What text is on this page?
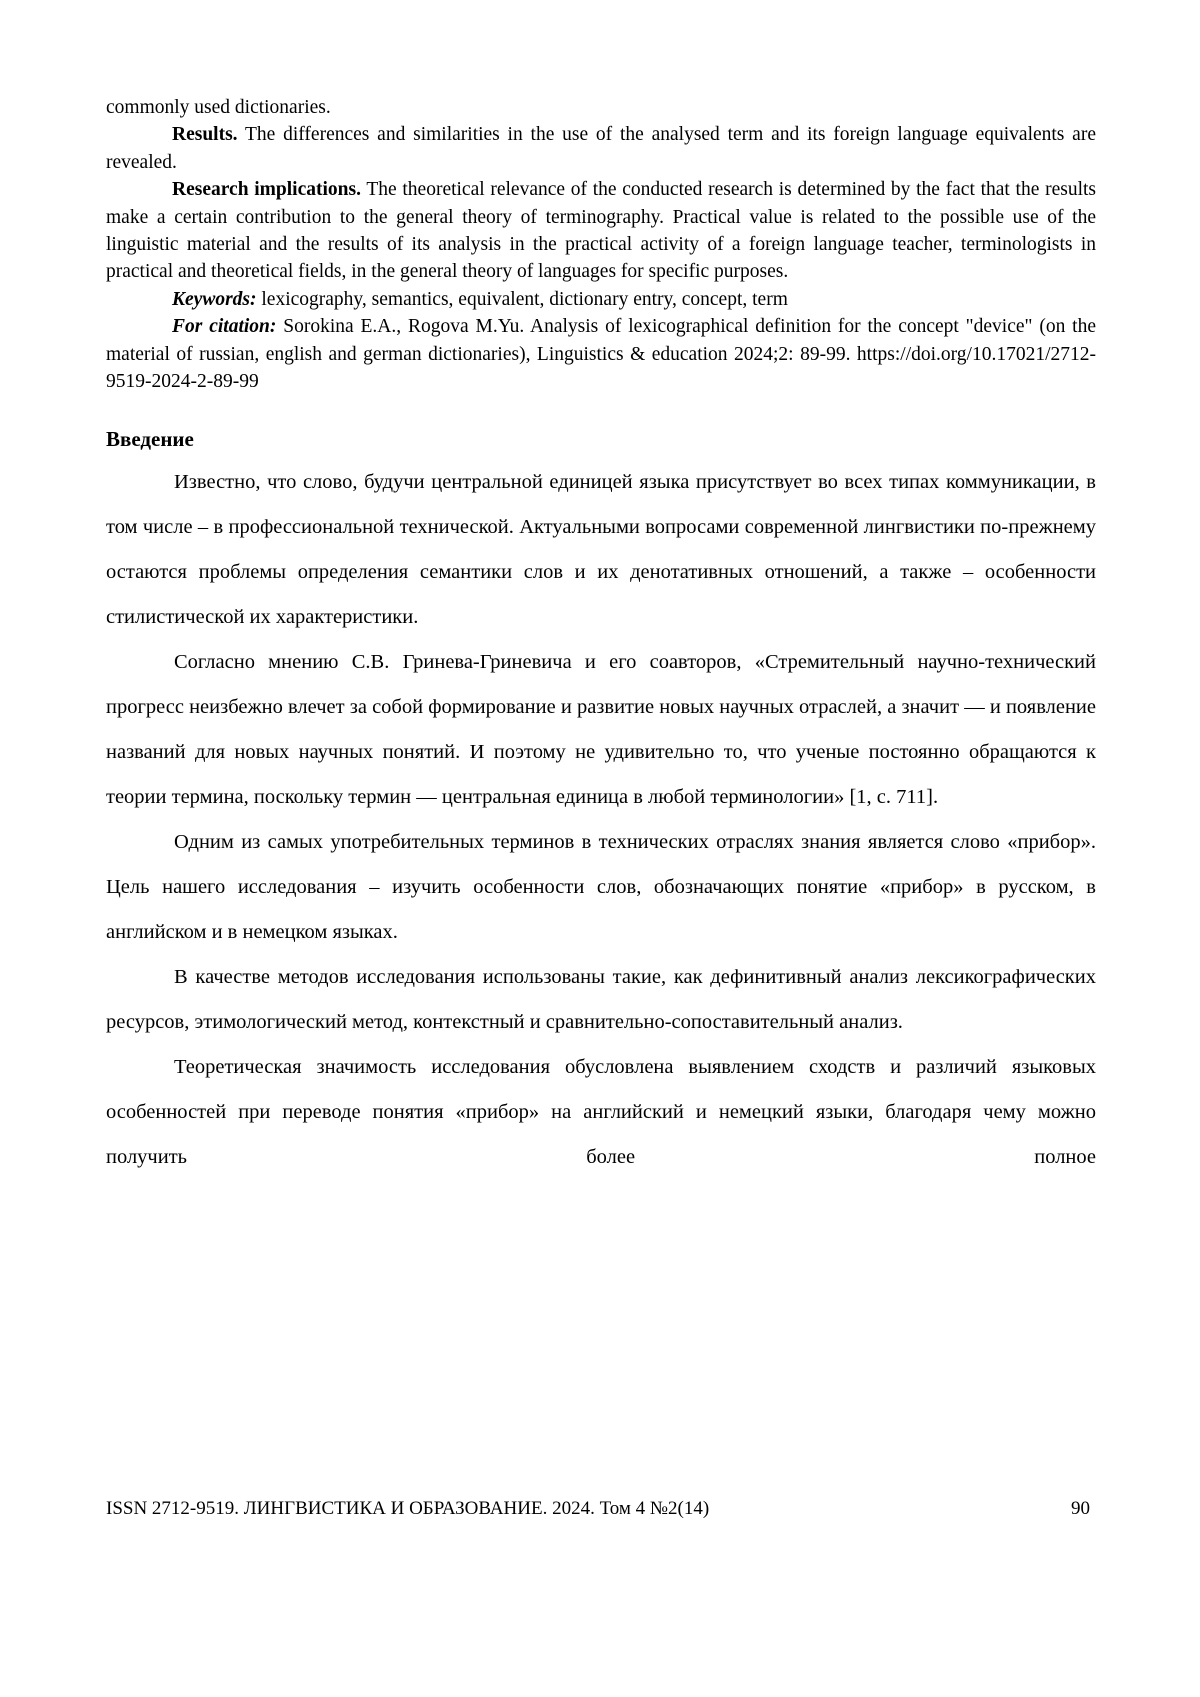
commonly used dictionaries.

Results. The differences and similarities in the use of the analysed term and its foreign language equivalents are revealed.

Research implications. The theoretical relevance of the conducted research is determined by the fact that the results make a certain contribution to the general theory of terminography. Practical value is related to the possible use of the linguistic material and the results of its analysis in the practical activity of a foreign language teacher, terminologists in practical and theoretical fields, in the general theory of languages for specific purposes.

Keywords: lexicography, semantics, equivalent, dictionary entry, concept, term

For citation: Sorokina E.A., Rogova M.Yu. Analysis of lexicographical definition for the concept "device" (on the material of russian, english and german dictionaries), Linguistics & education 2024;2: 89-99. https://doi.org/10.17021/2712-9519-2024-2-89-99

Введение

Известно, что слово, будучи центральной единицей языка присутствует во всех типах коммуникации, в том числе – в профессиональной технической. Актуальными вопросами современной лингвистики по-прежнему остаются проблемы определения семантики слов и их денотативных отношений, а также – особенности стилистической их характеристики.

Согласно мнению С.В. Гринева-Гриневича и его соавторов, «Стремительный научно-технический прогресс неизбежно влечет за собой формирование и развитие новых научных отраслей, а значит — и появление названий для новых научных понятий. И поэтому не удивительно то, что ученые постоянно обращаются к теории термина, поскольку термин — центральная единица в любой терминологии» [1, с. 711].

Одним из самых употребительных терминов в технических отраслях знания является слово «прибор». Цель нашего исследования – изучить особенности слов, обозначающих понятие «прибор» в русском, в английском и в немецком языках.

В качестве методов исследования использованы такие, как дефинитивный анализ лексикографических ресурсов, этимологический метод, контекстный и сравнительно-сопоставительный анализ.

Теоретическая значимость исследования обусловлена выявлением сходств и различий языковых особенностей при переводе понятия «прибор» на английский и немецкий языки, благодаря чему можно получить более полное

ISSN 2712-9519. ЛИНГВИСТИКА И ОБРАЗОВАНИЕ. 2024. Том 4 №2(14)	90
